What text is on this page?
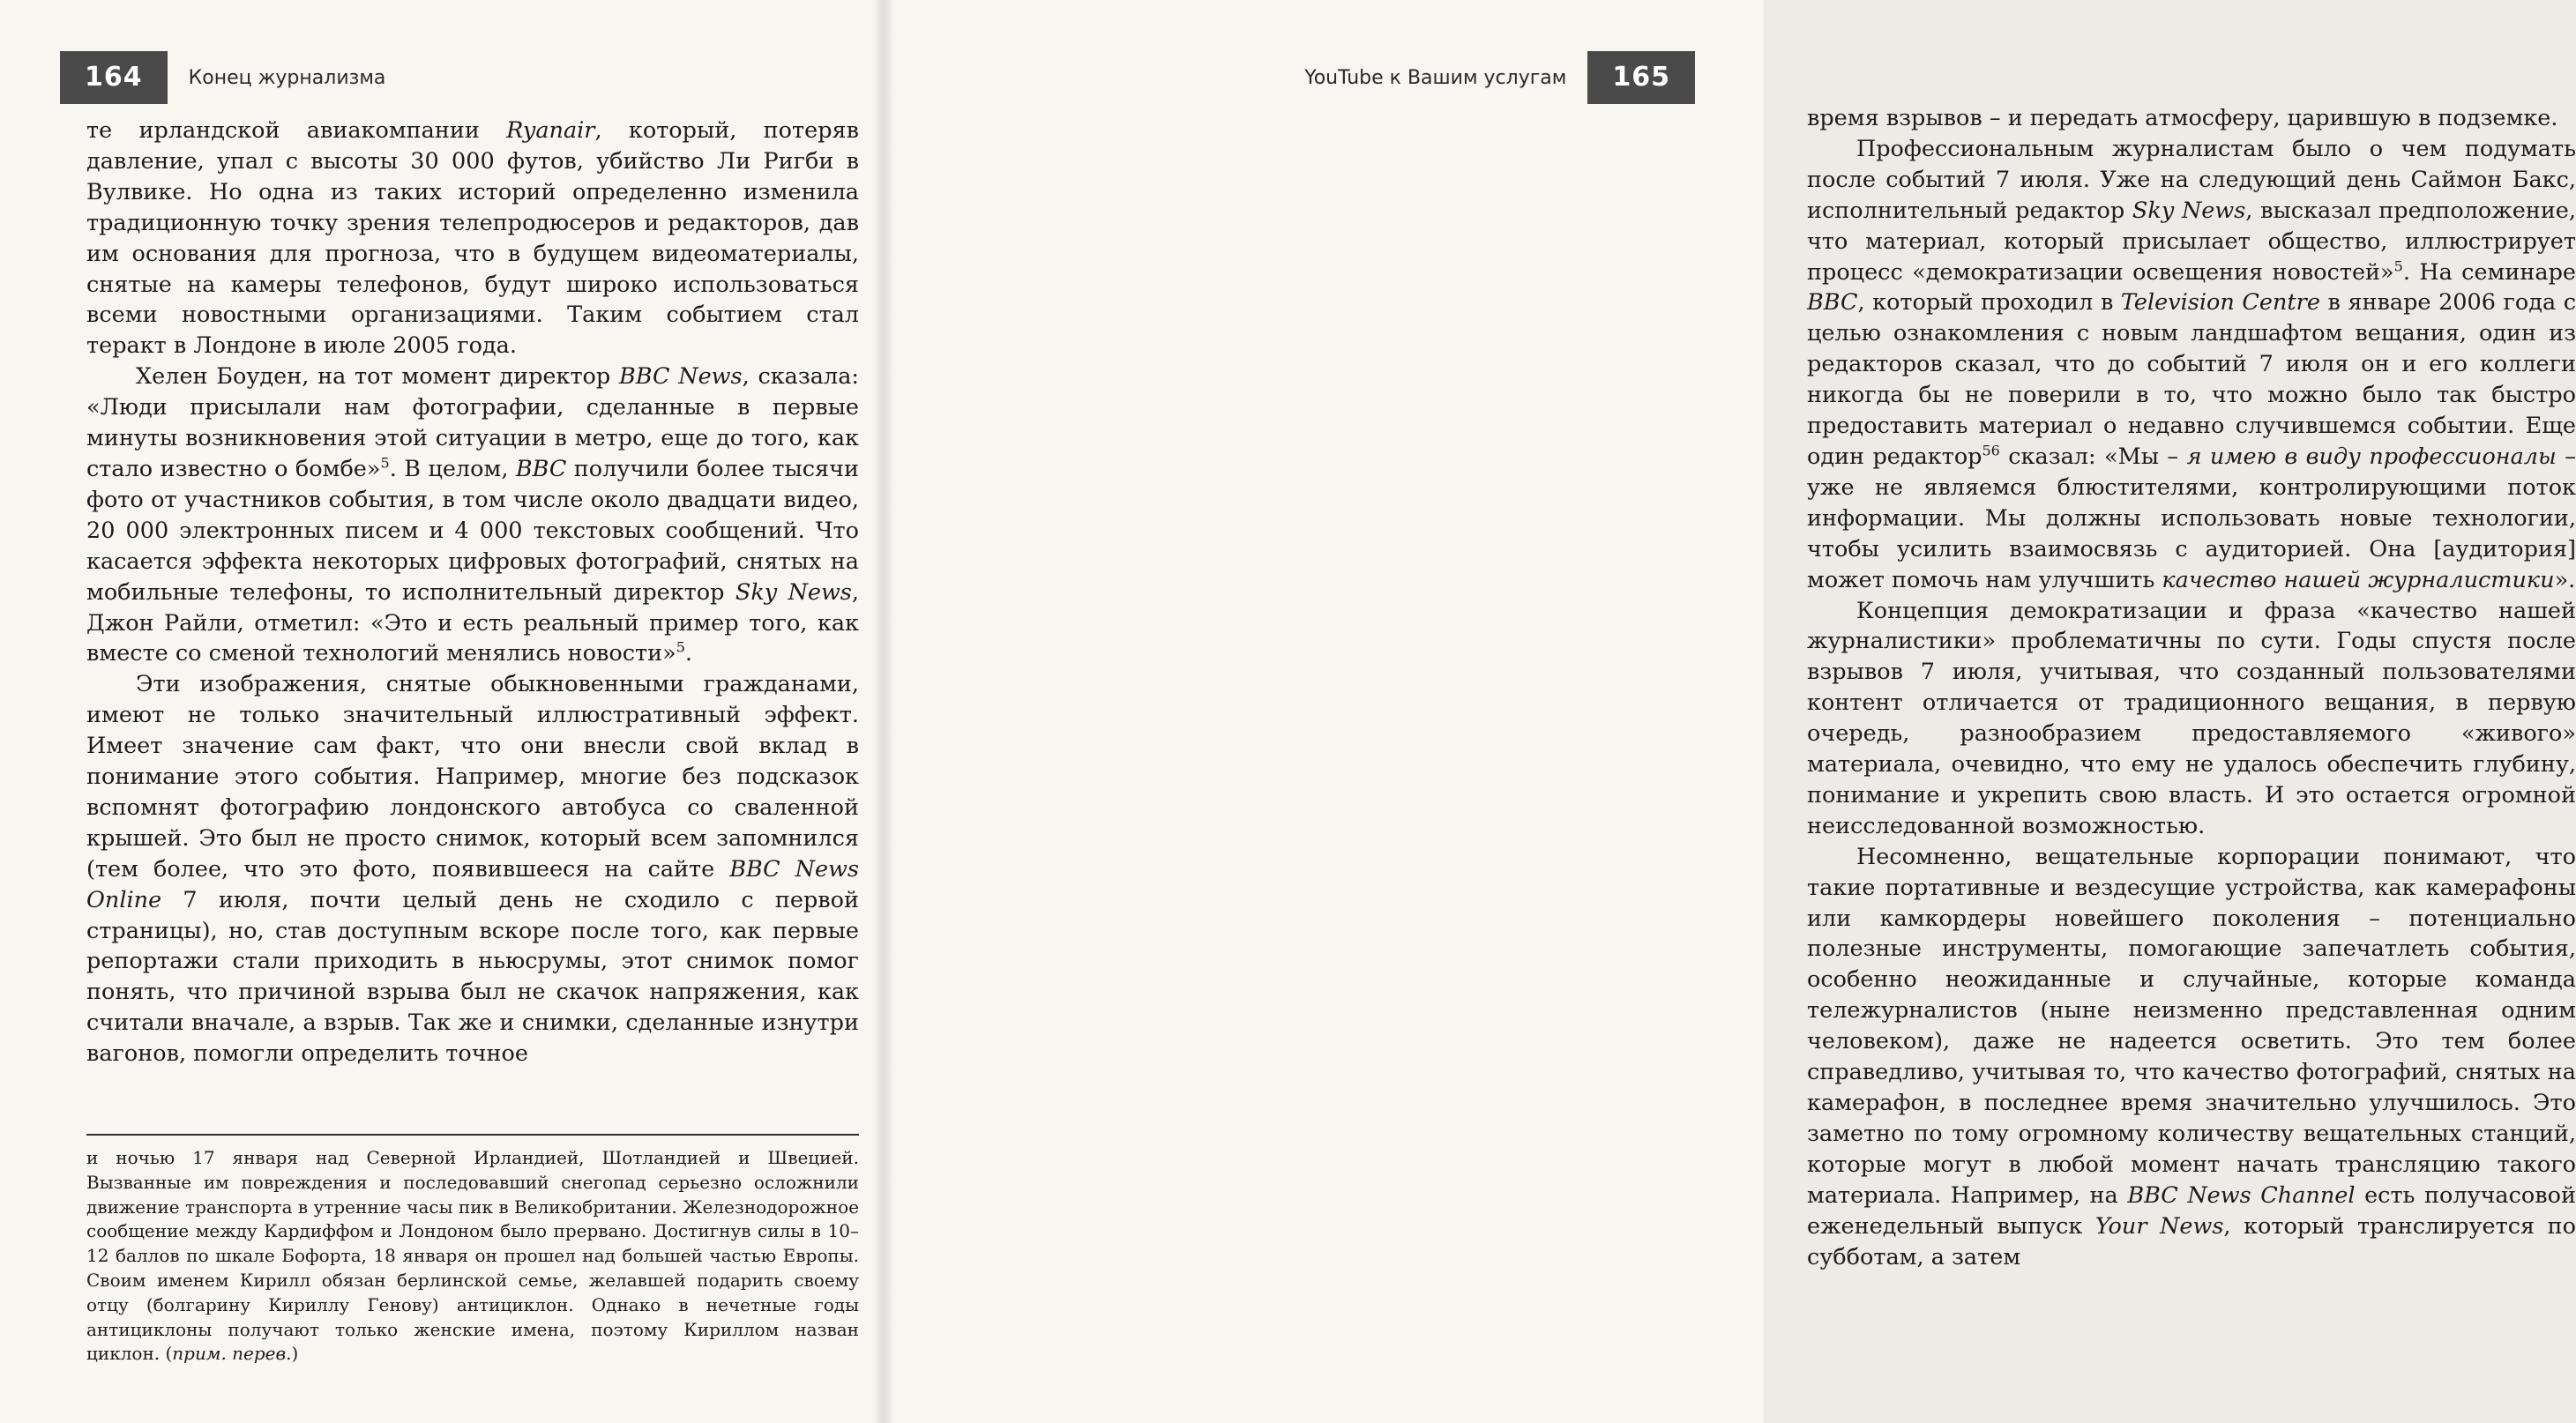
164	Конец журнализма

те ирландской авиакомпании Ryanair, который, потеряв давление, упал с высоты 30 000 футов, убийство Ли Ригби в Вулвике. Но одна из таких историй определенно изменила традиционную точку зрения телепродюсеров и редакторов, дав им основания для прогноза, что в будущем видеоматериалы, снятые на камеры телефонов, будут широко использоваться всеми новостными организациями. Таким событием стал теракт в Лондоне в июле 2005 года.

Хелен Боуден, на тот момент директор BBC News, сказала: «Люди присылали нам фотографии, сделанные в первые минуты возникновения этой ситуации в метро, еще до того, как стало известно о бомбе»$^5$. В целом, BBC получили более тысячи фото от участников события, в том числе около двадцати видео, 20 000 электронных писем и 4 000 текстовых сообщений. Что касается эффекта некоторых цифровых фотографий, снятых на мобильные телефоны, то исполнительный директор Sky News, Джон Райли, отметил: «Это и есть реальный пример того, как вместе со сменой технологий менялись новости»$^5$.

Эти изображения, снятые обыкновенными гражданами, имеют не только значительный иллюстративный эффект. Имеет значение сам факт, что они внесли свой вклад в понимание этого события. Например, многие без подсказок вспомнят фотографию лондонского автобуса со сваленной крышей. Это был не просто снимок, который всем запомнился (тем более, что это фото, появившееся на сайте BBC News Online 7 июля, почти целый день не сходило с первой страницы), но, став доступным вскоре после того, как первые репортажи стали приходить в ньюсрумы, этот снимок помог понять, что причиной взрыва был не скачок напряжения, как считали вначале, а взрыв. Так же и снимки, сделанные изнутри вагонов, помогли определить точное

и ночью 17 января над Северной Ирландией, Шотландией и Швецией. Вызванные им повреждения и последовавший снегопад серьезно осложнили движение транспорта в утренние часы пик в Великобритании. Железнодорожное сообщение между Кардиффом и Лондоном было прервано. Достигнув силы в 10–12 баллов по шкале Бофорта, 18 января он прошел над большей частью Европы. Своим именем Кирилл обязан берлинской семье, желавшей подарить своему отцу (болгарину Кириллу Генову) антициклон. Однако в нечетные годы антициклоны получают только женские имена, поэтому Кириллом назван циклон. (прим. перев.)

YouTube к Вашим услугам	165

время взрывов – и передать атмосферу, царившую в подземке.

Профессиональным журналистам было о чем подумать после событий 7 июля. Уже на следующий день Саймон Бакс, исполнительный редактор Sky News, высказал предположение, что материал, который присылает общество, иллюстрирует процесс «демократизации освещения новостей»$^5$. На семинаре BBC, который проходил в Television Centre в январе 2006 года с целью ознакомления с новым ландшафтом вещания, один из редакторов сказал, что до событий 7 июля он и его коллеги никогда бы не поверили в то, что можно было так быстро предоставить материал о недавно случившемся событии. Еще один редактор$^{56}$ сказал: «Мы – я имею в виду профессионалы – уже не являемся блюстителями, контролирующими поток информации. Мы должны использовать новые технологии, чтобы усилить взаимосвязь с аудиторией. Она [аудитория] может помочь нам улучшить качество нашей журналистики».

Концепция демократизации и фраза «качество нашей журналистики» проблематичны по сути. Годы спустя после взрывов 7 июля, учитывая, что созданный пользователями контент отличается от традиционного вещания, в первую очередь, разнообразием предоставляемого «живого» материала, очевидно, что ему не удалось обеспечить глубину, понимание и укрепить свою власть. И это остается огромной неисследованной возможностью.

Несомненно, вещательные корпорации понимают, что такие портативные и вездесущие устройства, как камерафоны или камкордеры новейшего поколения – потенциально полезные инструменты, помогающие запечатлеть события, особенно неожиданные и случайные, которые команда тележурналистов (ныне неизменно представленная одним человеком), даже не надеется осветить. Это тем более справедливо, учитывая то, что качество фотографий, снятых на камерафон, в последнее время значительно улучшилось. Это заметно по тому огромному количеству вещательных станций, которые могут в любой момент начать трансляцию такого материала. Например, на BBC News Channel есть получасовой еженедельный выпуск Your News, который транслируется по субботам, а затем
